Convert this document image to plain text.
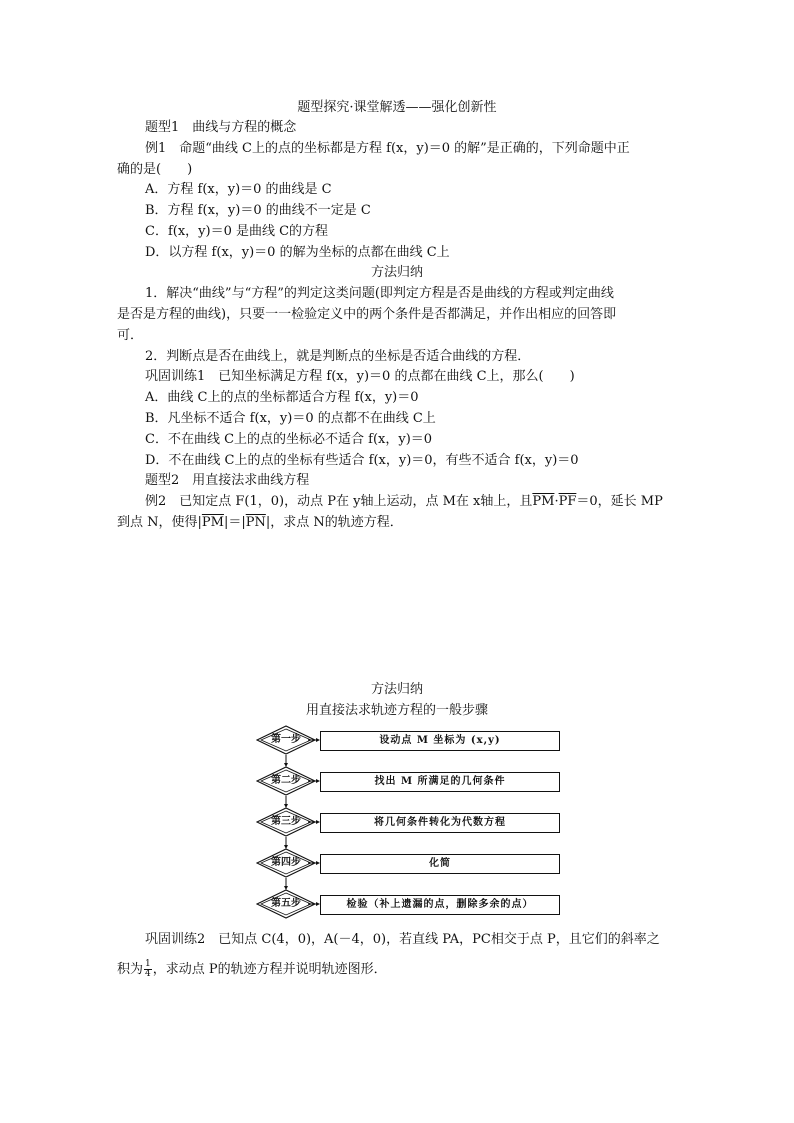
题型探究·课堂解透——强化创新性
题型1　曲线与方程的概念
例1　命题“曲线 C上的点的坐标都是方程 f(x，y)＝0 的解”是正确的，下列命题中正
确的是(　　)
A．方程 f(x，y)＝0 的曲线是 C
B．方程 f(x，y)＝0 的曲线不一定是 C
C．f(x，y)＝0 是曲线 C的方程
D．以方程 f(x，y)＝0 的解为坐标的点都在曲线 C上
方法归纳
1．解决“曲线”与“方程”的判定这类问题(即判定方程是否是曲线的方程或判定曲线
是否是方程的曲线)，只要一一检验定义中的两个条件是否都满足，并作出相应的回答即
可．
2．判断点是否在曲线上，就是判断点的坐标是否适合曲线的方程．
巩固训练1　已知坐标满足方程 f(x，y)＝0 的点都在曲线 C上，那么(　　)
A．曲线 C上的点的坐标都适合方程 f(x，y)＝0
B．凡坐标不适合 f(x，y)＝0 的点都不在曲线 C上
C．不在曲线 C上的点的坐标必不适合 f(x，y)＝0
D．不在曲线 C上的点的坐标有些适合 f(x，y)＝0，有些不适合 f(x，y)＝0
题型2　用直接法求曲线方程
例2　已知定点 F(1，0)，动点 P在 y轴上运动，点 M在 x轴上，且$\overline{PM}\cdot\overline{PF}=0$，延长 MP
到点 N，使得$|\overline{PM}|=|\overline{PN}|$，求点 N的轨迹方程．
方法归纳
用直接法求轨迹方程的一般步骤
第一步	设动点 M 坐标为 (x,y)
第二步	找出 M 所满足的几何条件
第三步	将几何条件转化为代数方程
第四步	化简
第五步	检验（补上遗漏的点，删除多余的点）
巩固训练2　已知点 C(4，0)，A(－4，0)，若直线 PA，PC相交于点 P，且它们的斜率之
积为 $\frac{1}{4}$ ，求动点 P的轨迹方程并说明轨迹图形．
